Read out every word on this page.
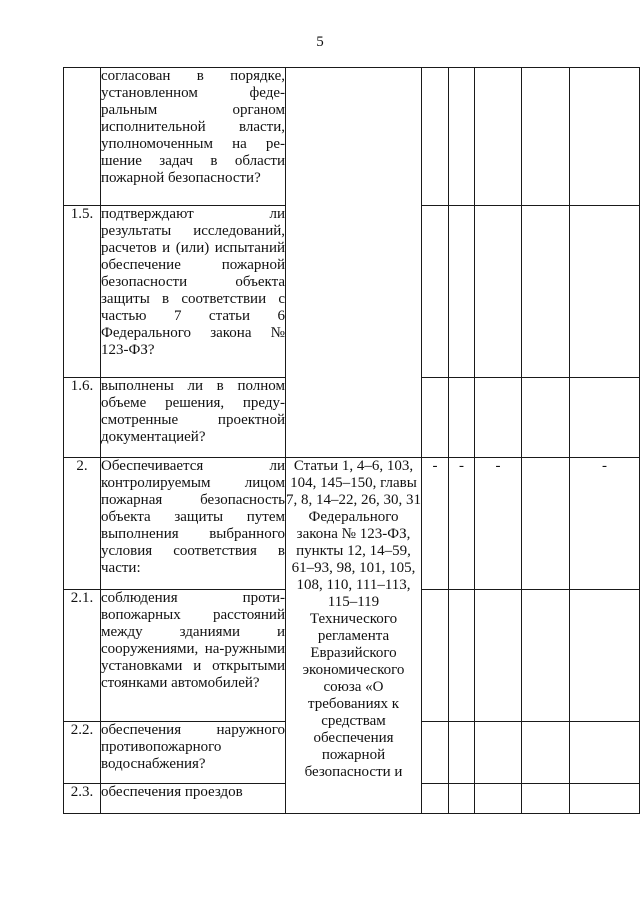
5
	согласован в порядке, установленном феде-ральным органом исполнительной власти, уполномоченным на ре-шение задач в области пожарной безопасности?						
1.5.	подтверждают ли результаты исследований, расчетов и (или) испытаний обеспечение пожарной безопасности объекта защиты в соответствии с частью 7 статьи 6 Федерального закона № 123-ФЗ?						
1.6.	выполнены ли в полном объеме решения, преду-смотренные проектной документацией?						
2.	Обеспечивается ли контролируемым лицом пожарная безопасность объекта защиты путем выполнения выбранного условия соответствия в части:	Статьи 1, 4–6, 103, 104, 145–150, главы 7, 8, 14–22, 26, 30, 31 Федерального закона № 123-ФЗ, пункты 12, 14–59, 61–93, 98, 101, 105, 108, 110, 111–113, 115–119 Технического регламента Евразийского экономического союза «О требованиях к средствам обеспечения пожарной безопасности и	-	-	-		-
2.1.	соблюдения проти-вопожарных расстояний между зданиями и сооружениями, на-ружными установками и открытыми стоянками автомобилей?						
2.2.	обеспечения наружного противопожарного водоснабжения?						
2.3.	обеспечения проездов						
